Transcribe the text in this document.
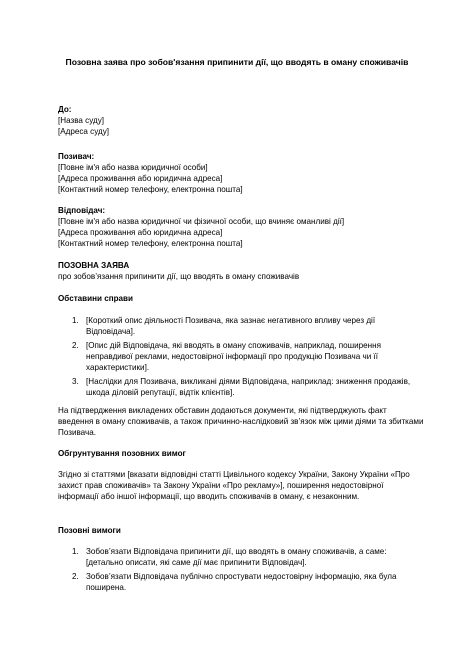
Позовна заява про зобов'язання припинити дії, що вводять в оману споживачів
До:
[Назва суду]
[Адреса суду]
Позивач:
[Повне ім'я або назва юридичної особи]
[Адреса проживання або юридична адреса]
[Контактний номер телефону, електронна пошта]
Відповідач:
[Повне ім'я або назва юридичної чи фізичної особи, що вчиняє оманливі дії]
[Адреса проживання або юридична адреса]
[Контактний номер телефону, електронна пошта]
ПОЗОВНА ЗАЯВА
про зобов’язання припинити дії, що вводять в оману споживачів
Обставини справи
1. [Короткий опис діяльності Позивача, яка зазнає негативного впливу через дії Відповідача].
2. [Опис дій Відповідача, які вводять в оману споживачів, наприклад, поширення неправдивої реклами, недостовірної інформації про продукцію Позивача чи її характеристики].
3. [Наслідки для Позивача, викликані діями Відповідача, наприклад: зниження продажів, шкода діловій репутації, відтік клієнтів].
На підтвердження викладених обставин додаються документи, які підтверджують факт введення в оману споживачів, а також причинно-наслідковий зв’язок між цими діями та збитками Позивача.
Обгрунтування позовних вимог
Згідно зі статтями [вказати відповідні статті Цивільного кодексу України, Закону України «Про захист прав споживачів» та Закону України «Про рекламу»], поширення недостовірної інформації або іншої інформації, що вводить споживачів в оману, є незаконним.
Позовні вимоги
1. Зобов’язати Відповідача припинити дії, що вводять в оману споживачів, а саме: [детально описати, які саме дії має припинити Відповідач].
2. Зобов’язати Відповідача публічно спростувати недостовірну інформацію, яка була поширена.
